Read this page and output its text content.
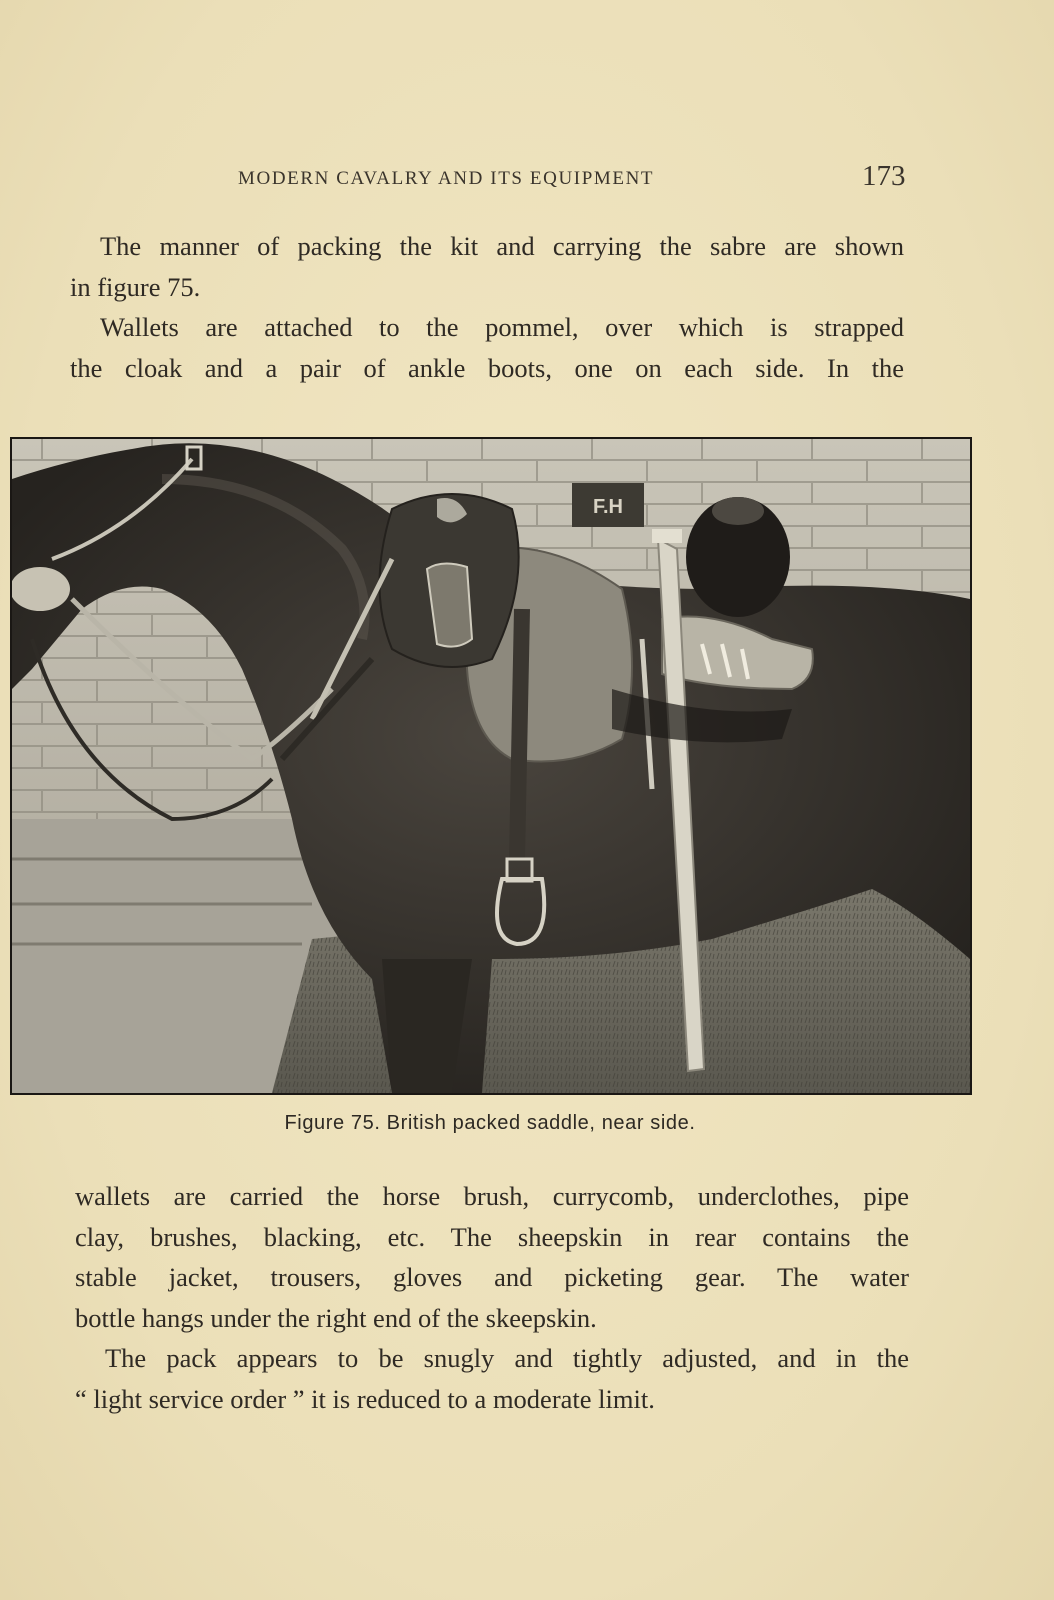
MODERN CAVALRY AND ITS EQUIPMENT	173

The manner of packing the kit and carrying the sabre are shown
in figure 75.

Wallets are attached to the pommel, over which is strapped
the cloak and a pair of ankle boots, one on each side. In the

F.H
Figure 75. British packed saddle, near side.

wallets are carried the horse brush, currycomb, underclothes, pipe
clay, brushes, blacking, etc. The sheepskin in rear contains the
stable jacket, trousers, gloves and picketing gear. The water
bottle hangs under the right end of the skeepskin.

The pack appears to be snugly and tightly adjusted, and in the
“ light service order ” it is reduced to a moderate limit.
